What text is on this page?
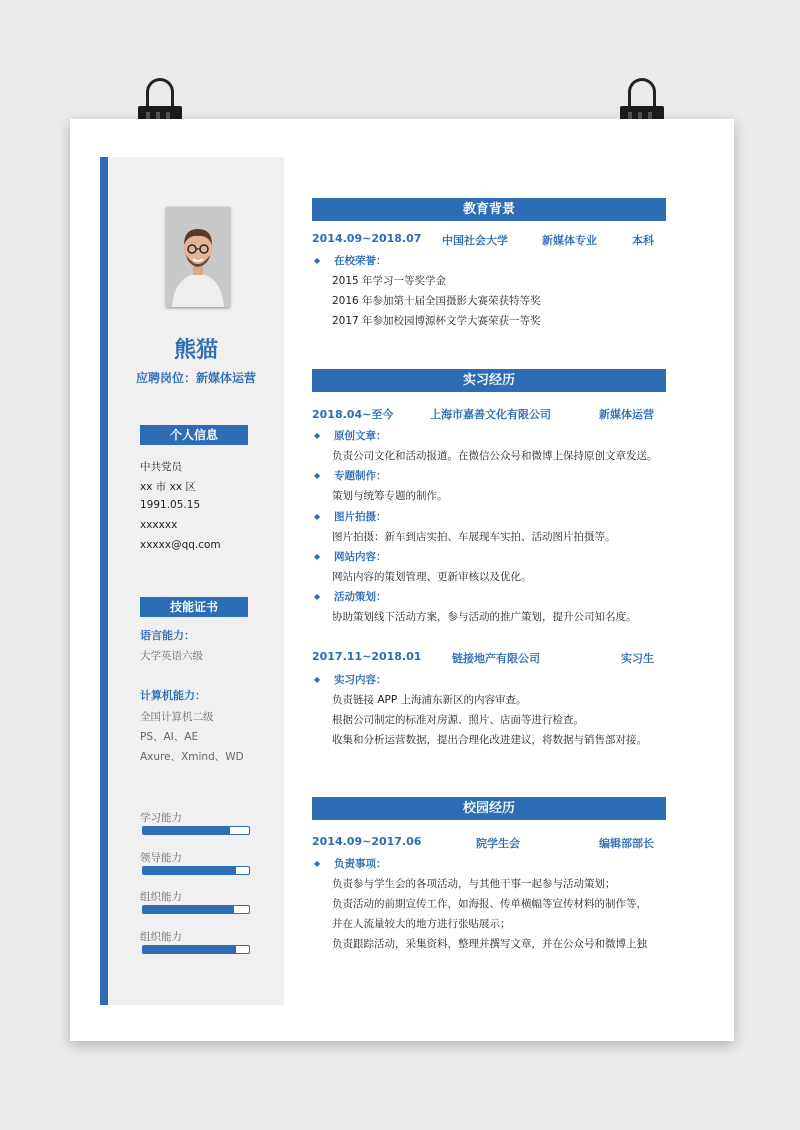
熊猫
应聘岗位：新媒体运营
个人信息
中共党员
xx 市 xx 区
1991.05.15
xxxxxx
xxxxx@qq.com
技能证书
语言能力：
大学英语六级
计算机能力：
全国计算机二级
PS、AI、AE
Axure、Xmind、WD
学习能力
领导能力
组织能力
组织能力
教育背景
2014.09~2018.07 中国社会大学	新媒体专业	本科
◆ 在校荣誉：
2015 年学习一等奖学金
2016 年参加第十届全国摄影大赛荣获特等奖
2017 年参加校园博源杯文学大赛荣获一等奖
实习经历
2018.04~至今	上海市嘉善文化有限公司	新媒体运营
◆ 原创文章：
负责公司文化和活动报道。在微信公众号和微博上保持原创文章发送。
◆ 专题制作：
策划与统筹专题的制作。
◆ 图片拍摄：
图片拍摄：新车到店实拍、车展现车实拍、活动图片拍摄等。
◆ 网站内容：
网站内容的策划管理、更新审核以及优化。
◆ 活动策划：
协助策划线下活动方案，参与活动的推广策划，提升公司知名度。
2017.11~2018.01	链接地产有限公司	实习生
◆ 实习内容：
负责链接 APP 上海浦东新区的内容审查。
根据公司制定的标准对房源、照片、店面等进行检查。
收集和分析运营数据，提出合理化改进建议，将数据与销售部对接。
校园经历
2014.09~2017.06	院学生会	编辑部部长
◆ 负责事项：
负责参与学生会的各项活动，与其他干事一起参与活动策划；
负责活动的前期宣传工作，如海报、传单横幅等宣传材料的制作等，
并在人流量较大的地方进行张贴展示；
负责跟踪活动，采集资料，整理并撰写文章，并在公众号和微博上独
